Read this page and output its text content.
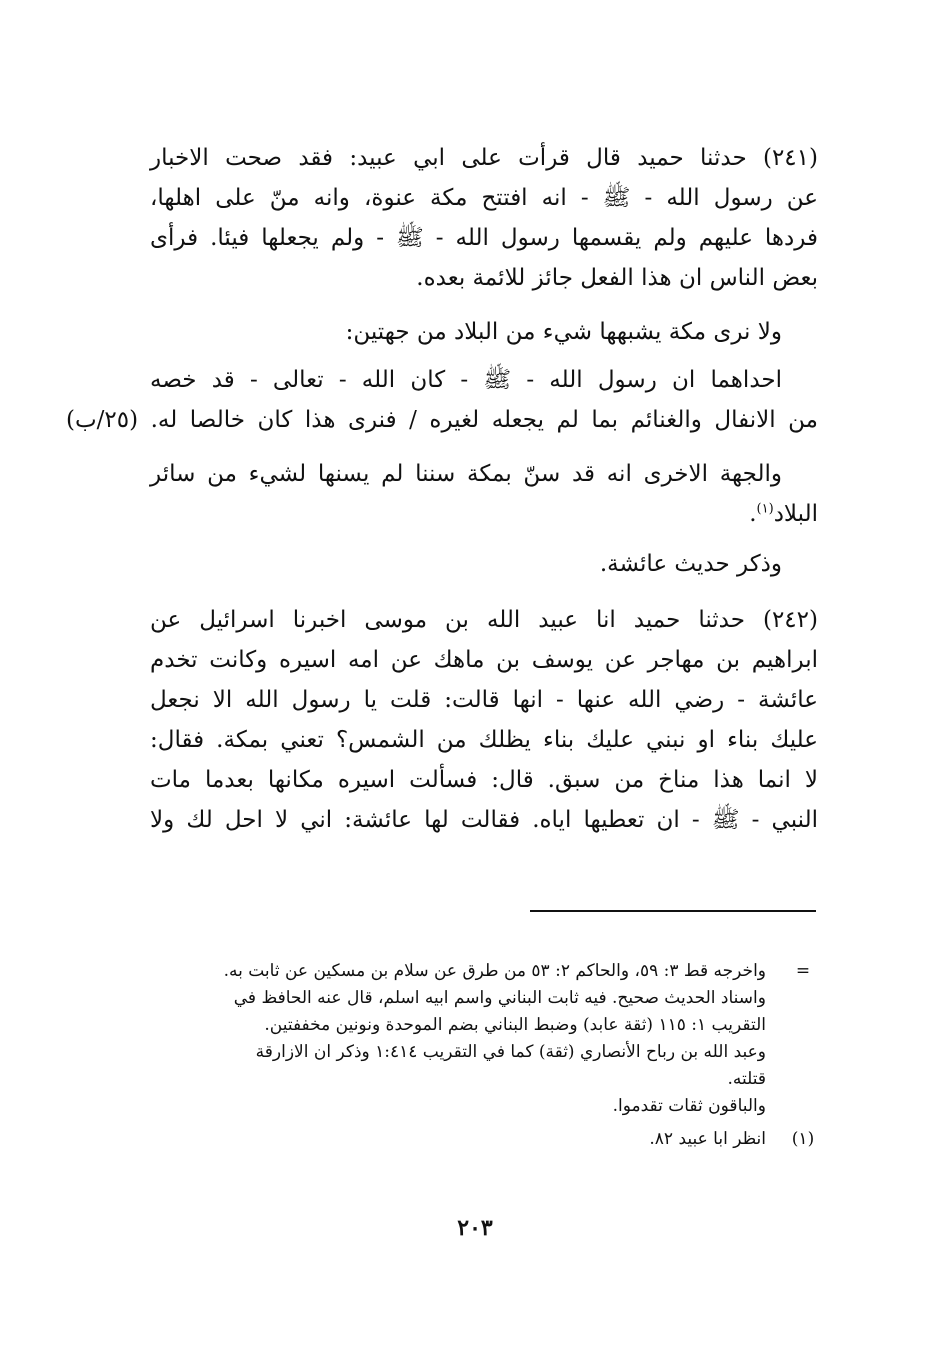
(٢٤١) حدثنا حميد قال قرأت على ابي عبيد: فقد صحت الاخبار
عن رسول الله - ﷺ - انه افتتح مكة عنوة، وانه منّ على اهلها،
فردها عليهم ولم يقسمها رسول الله - ﷺ - ولم يجعلها فيئا. فرأى
بعض الناس ان هذا الفعل جائز للائمة بعده.
ولا نرى مكة يشبهها شيء من البلاد من جهتين:
احداهما ان رسول الله - ﷺ - كان الله - تعالى - قد خصه
من الانفال والغنائم بما لم يجعله لغيره / فنرى هذا كان خالصا له. (٢٥/ب)
والجهة الاخرى انه قد سنّ بمكة سننا لم يسنها لشيء من سائر
البلاد$^{(١)}$.
وذكر حديث عائشة.
(٢٤٢) حدثنا حميد انا عبيد الله بن موسى اخبرنا اسرائيل عن
ابراهيم بن مهاجر عن يوسف بن ماهك عن امه اسيره وكانت تخدم
عائشة - رضي الله عنها - انها قالت: قلت يا رسول الله الا نجعل
عليك بناء او نبني عليك بناء يظلك من الشمس؟ تعني بمكة. فقال:
لا انما هذا مناخ من سبق. قال: فسألت اسيره مكانها بعدما مات
النبي - ﷺ - ان تعطيها اياه. فقالت لها عائشة: اني لا احل لك ولا
=
واخرجه قط ٣: ٥٩، والحاكم ٢: ٥٣ من طرق عن سلام بن مسكين عن ثابت به.
واسناد الحديث صحيح. فيه ثابت البناني واسم ابيه اسلم، قال عنه الحافظ في
التقريب ١: ١١٥ (ثقة عابد) وضبط البناني بضم الموحدة ونونين مخففتين.
وعبد الله بن رباح الأنصاري (ثقة) كما في التقريب ١:٤١٤ وذكر ان الازارقة
قتلته.
والباقون ثقات تقدموا.
(١)
انظر ابا عبيد ٨٢.
٢٠٣
